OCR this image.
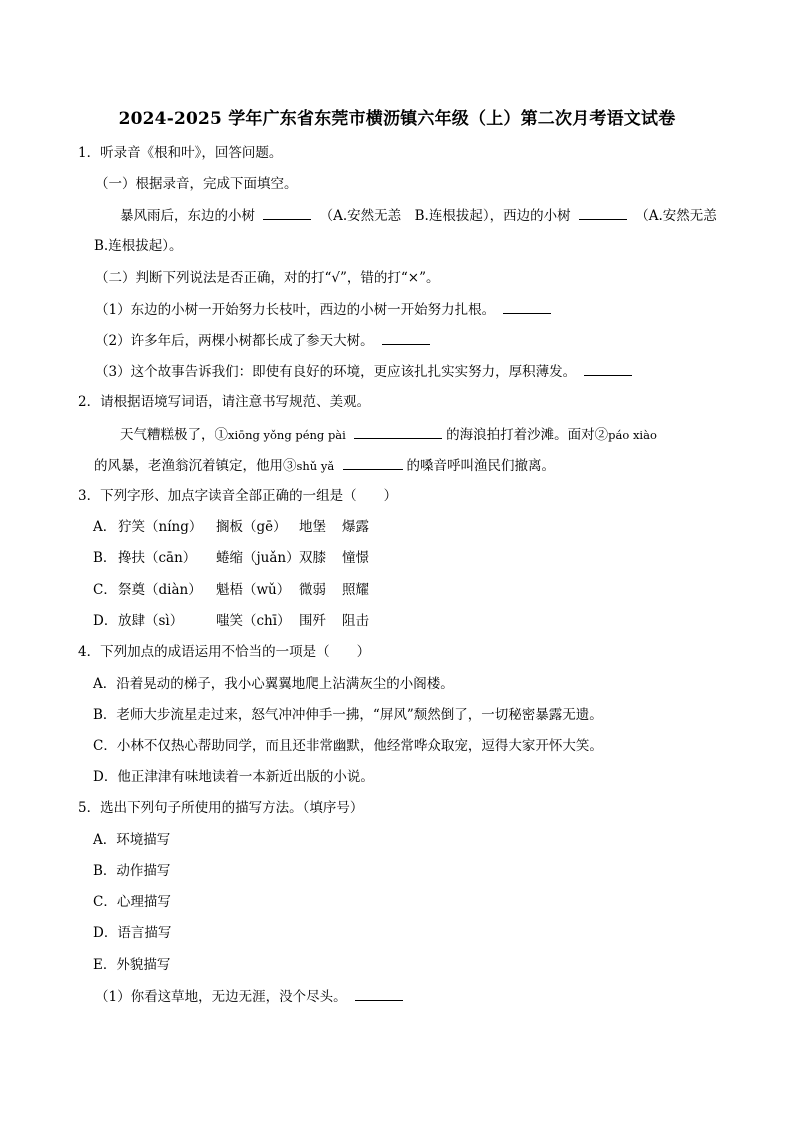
2024-2025 学年广东省东莞市横沥镇六年级（上）第二次月考语文试卷
1．听录音《根和叶》，回答问题。
（一）根据录音，完成下面填空。
暴风雨后，东边的小树	（A.安然无恙　B.连根拔起），西边的小树	（A.安然无恙
B.连根拔起）。
（二）判断下列说法是否正确，对的打“√”，错的打“×”。
（1）东边的小树一开始努力长枝叶，西边的小树一开始努力扎根。
（2）许多年后，两棵小树都长成了参天大树。
（3）这个故事告诉我们：即使有良好的环境，更应该扎扎实实努力，厚积薄发。
2．请根据语境写词语，请注意书写规范、美观。
天气糟糕极了，①xiōng yǒng péng pài	的海浪拍打着沙滩。面对②páo xiào
的风暴，老渔翁沉着镇定，他用③shǔ yǎ	的嗓音呼叫渔民们撤离。
3．下列字形、加点字读音全部正确的一组是（　　）
A． 狞笑（níng） 搁板（gē） 地堡 爆露
B． 搀扶（cān） 蜷缩（juǎn） 双膝 憧憬
C． 祭奠（diàn） 魁梧（wǔ） 微弱 照耀
D． 放肆（sì） 嗤笑（chī） 围歼 阻击
4．下列加点的成语运用不恰当的一项是（　　）
A．沿着晃动的梯子，我小心翼翼地爬上沾满灰尘的小阁楼。
B．老师大步流星走过来，怒气冲冲伸手一拂，“屏风”颓然倒了，一切秘密暴露无遗。
C．小林不仅热心帮助同学，而且还非常幽默，他经常哗众取宠，逗得大家开怀大笑。
D．他正津津有味地读着一本新近出版的小说。
5．选出下列句子所使用的描写方法。（填序号）
A．环境描写
B．动作描写
C．心理描写
D．语言描写
E．外貌描写
（1）你看这草地，无边无涯，没个尽头。
